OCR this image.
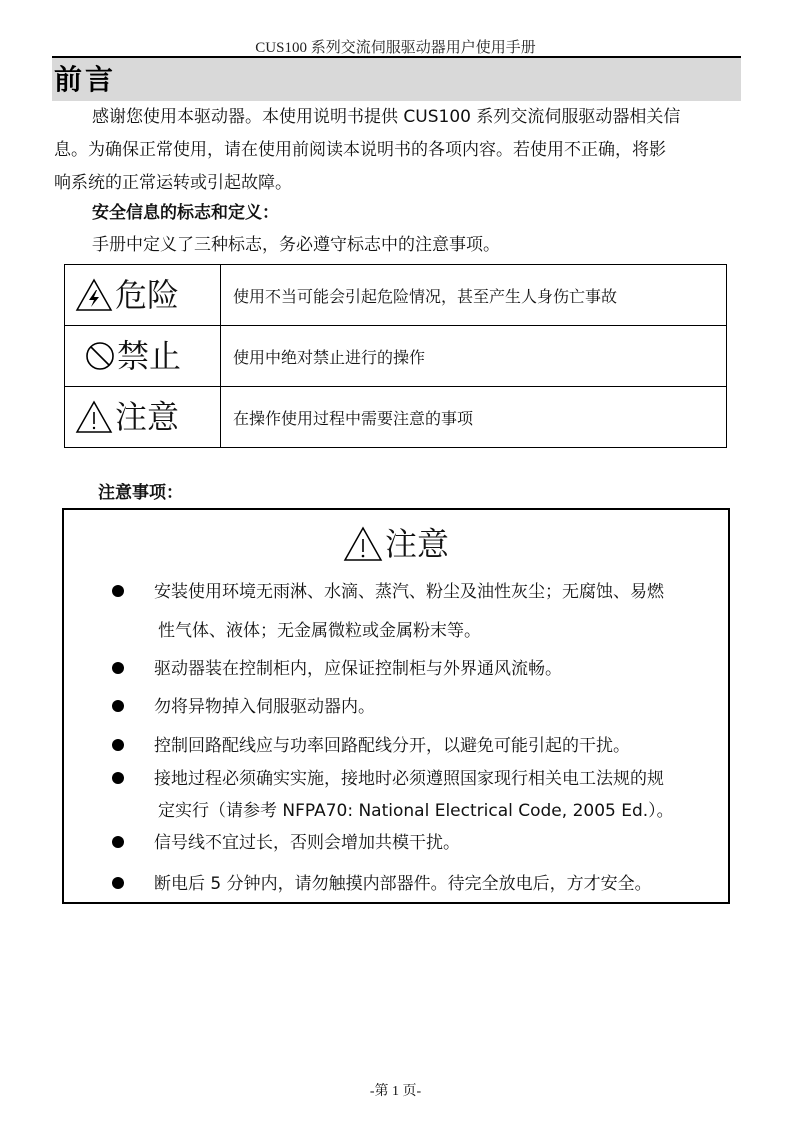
CUS100 系列交流伺服驱动器用户使用手册
前言
感谢您使用本驱动器。本使用说明书提供 CUS100 系列交流伺服驱动器相关信
息。为确保正常使用，请在使用前阅读本说明书的各项内容。若使用不正确，将影
响系统的正常运转或引起故障。
安全信息的标志和定义：
手册中定义了三种标志，务必遵守标志中的注意事项。
危险	使用不当可能会引起危险情况，甚至产生人身伤亡事故

禁止	使用中绝对禁止进行的操作

注意	在操作使用过程中需要注意的事项
注意事项：
注意
安装使用环境无雨淋、水滴、蒸汽、粉尘及油性灰尘；无腐蚀、易燃
性气体、液体；无金属微粒或金属粉末等。
驱动器装在控制柜内，应保证控制柜与外界通风流畅。
勿将异物掉入伺服驱动器内。
控制回路配线应与功率回路配线分开，以避免可能引起的干扰。
接地过程必须确实实施，接地时必须遵照国家现行相关电工法规的规
定实行（请参考 NFPA70: National Electrical Code, 2005 Ed.）。
信号线不宜过长，否则会增加共模干扰。
断电后 5 分钟内，请勿触摸内部器件。待完全放电后，方才安全。
-第 1 页-
